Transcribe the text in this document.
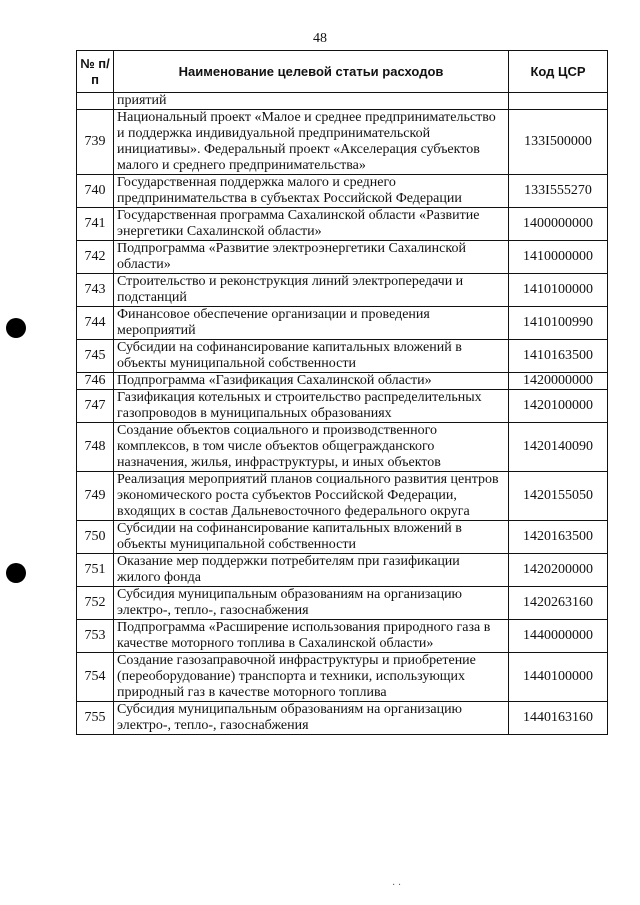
48
· ·
№ п/п	Наименование целевой статьи расходов	Код ЦСР
	приятий	
739	Национальный проект «Малое и среднее предпринимательство и поддержка индивидуальной предпринимательской инициативы». Федеральный проект «Акселерация субъектов малого и среднего предпринимательства»	133I500000
740	Государственная поддержка малого и среднего предпринимательства в субъектах Российской Федерации	133I555270
741	Государственная программа Сахалинской области «Развитие энергетики Сахалинской области»	1400000000
742	Подпрограмма «Развитие электроэнергетики Сахалинской области»	1410000000
743	Строительство и реконструкция линий электропередачи и подстанций	1410100000
744	Финансовое обеспечение организации и проведения мероприятий	1410100990
745	Субсидии на софинансирование капитальных вложений в объекты муниципальной собственности	1410163500
746	Подпрограмма «Газификация Сахалинской области»	1420000000
747	Газификация котельных и строительство распределительных газопроводов в муниципальных образованиях	1420100000
748	Создание объектов социального и производственного комплексов, в том числе объектов общегражданского назначения, жилья, инфраструктуры, и иных объектов	1420140090
749	Реализация мероприятий планов социального развития центров экономического роста субъектов Российской Федерации, входящих в состав Дальневосточного федерального округа	1420155050
750	Субсидии на софинансирование капитальных вложений в объекты муниципальной собственности	1420163500
751	Оказание мер поддержки потребителям при газификации жилого фонда	1420200000
752	Субсидия муниципальным образованиям на организацию электро-, тепло-, газоснабжения	1420263160
753	Подпрограмма «Расширение использования природного газа в качестве моторного топлива в Сахалинской области»	1440000000
754	Создание газозаправочной инфраструктуры и приобретение (переоборудование) транспорта и техники, использующих природный газ в качестве моторного топлива	1440100000
755	Субсидия муниципальным образованиям на организацию электро-, тепло-, газоснабжения	1440163160
